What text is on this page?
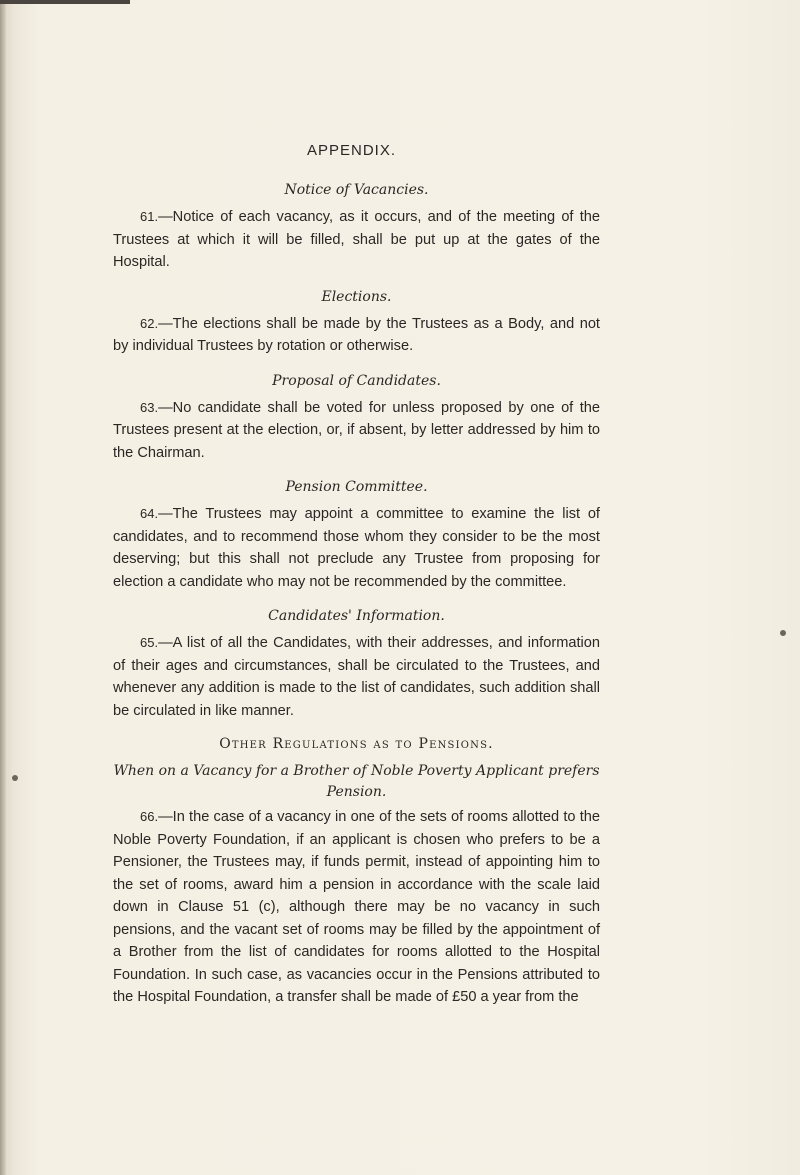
APPENDIX.
Notice of Vacancies.

61.—Notice of each vacancy, as it occurs, and of the meeting of the Trustees at which it will be filled, shall be put up at the gates of the Hospital.

Elections.

62.—The elections shall be made by the Trustees as a Body, and not by individual Trustees by rotation or otherwise.

Proposal of Candidates.

63.—No candidate shall be voted for unless proposed by one of the Trustees present at the election, or, if absent, by letter addressed by him to the Chairman.

Pension Committee.

64.—The Trustees may appoint a committee to examine the list of candidates, and to recommend those whom they consider to be the most deserving; but this shall not preclude any Trustee from proposing for election a candidate who may not be recommended by the committee.

Candidates' Information.

65.—A list of all the Candidates, with their addresses, and information of their ages and circumstances, shall be circulated to the Trustees, and whenever any addition is made to the list of candidates, such addition shall be circulated in like manner.

Other Regulations as to Pensions.
When on a Vacancy for a Brother of Noble Poverty Applicant prefers Pension.

66.—In the case of a vacancy in one of the sets of rooms allotted to the Noble Poverty Foundation, if an applicant is chosen who prefers to be a Pensioner, the Trustees may, if funds permit, instead of appointing him to the set of rooms, award him a pension in accordance with the scale laid down in Clause 51 (c), although there may be no vacancy in such pensions, and the vacant set of rooms may be filled by the appointment of a Brother from the list of candidates for rooms allotted to the Hospital Foundation. In such case, as vacancies occur in the Pensions attributed to the Hospital Foundation, a transfer shall be made of £50 a year from the
